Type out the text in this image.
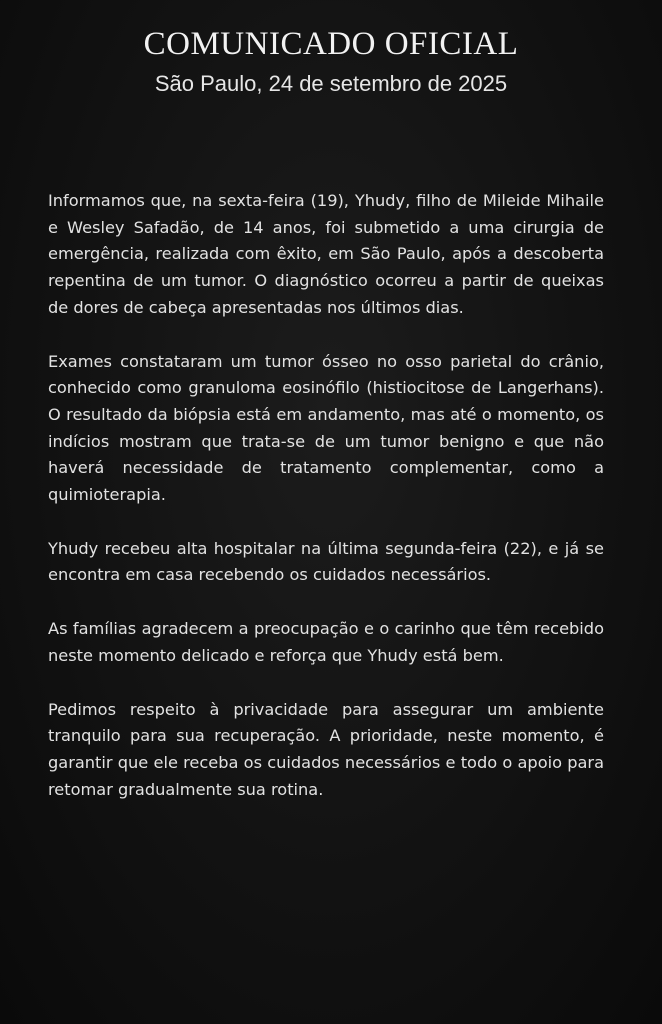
COMUNICADO OFICIAL
São Paulo, 24 de setembro de 2025

Informamos que, na sexta-feira (19), Yhudy, filho de Mileide Mihaile e Wesley Safadão, de 14 anos, foi submetido a uma cirurgia de emergência, realizada com êxito, em São Paulo, após a descoberta repentina de um tumor. O diagnóstico ocorreu a partir de queixas de dores de cabeça apresentadas nos últimos dias.

Exames constataram um tumor ósseo no osso parietal do crânio, conhecido como granuloma eosinófilo (histiocitose de Langerhans). O resultado da biópsia está em andamento, mas até o momento, os indícios mostram que trata-se de um tumor benigno e que não haverá necessidade de tratamento complementar, como a quimioterapia.

Yhudy recebeu alta hospitalar na última segunda-feira (22), e já se encontra em casa recebendo os cuidados necessários.

As famílias agradecem a preocupação e o carinho que têm recebido neste momento delicado e reforça que Yhudy está bem.

Pedimos respeito à privacidade para assegurar um ambiente tranquilo para sua recuperação. A prioridade, neste momento, é garantir que ele receba os cuidados necessários e todo o apoio para retomar gradualmente sua rotina.
